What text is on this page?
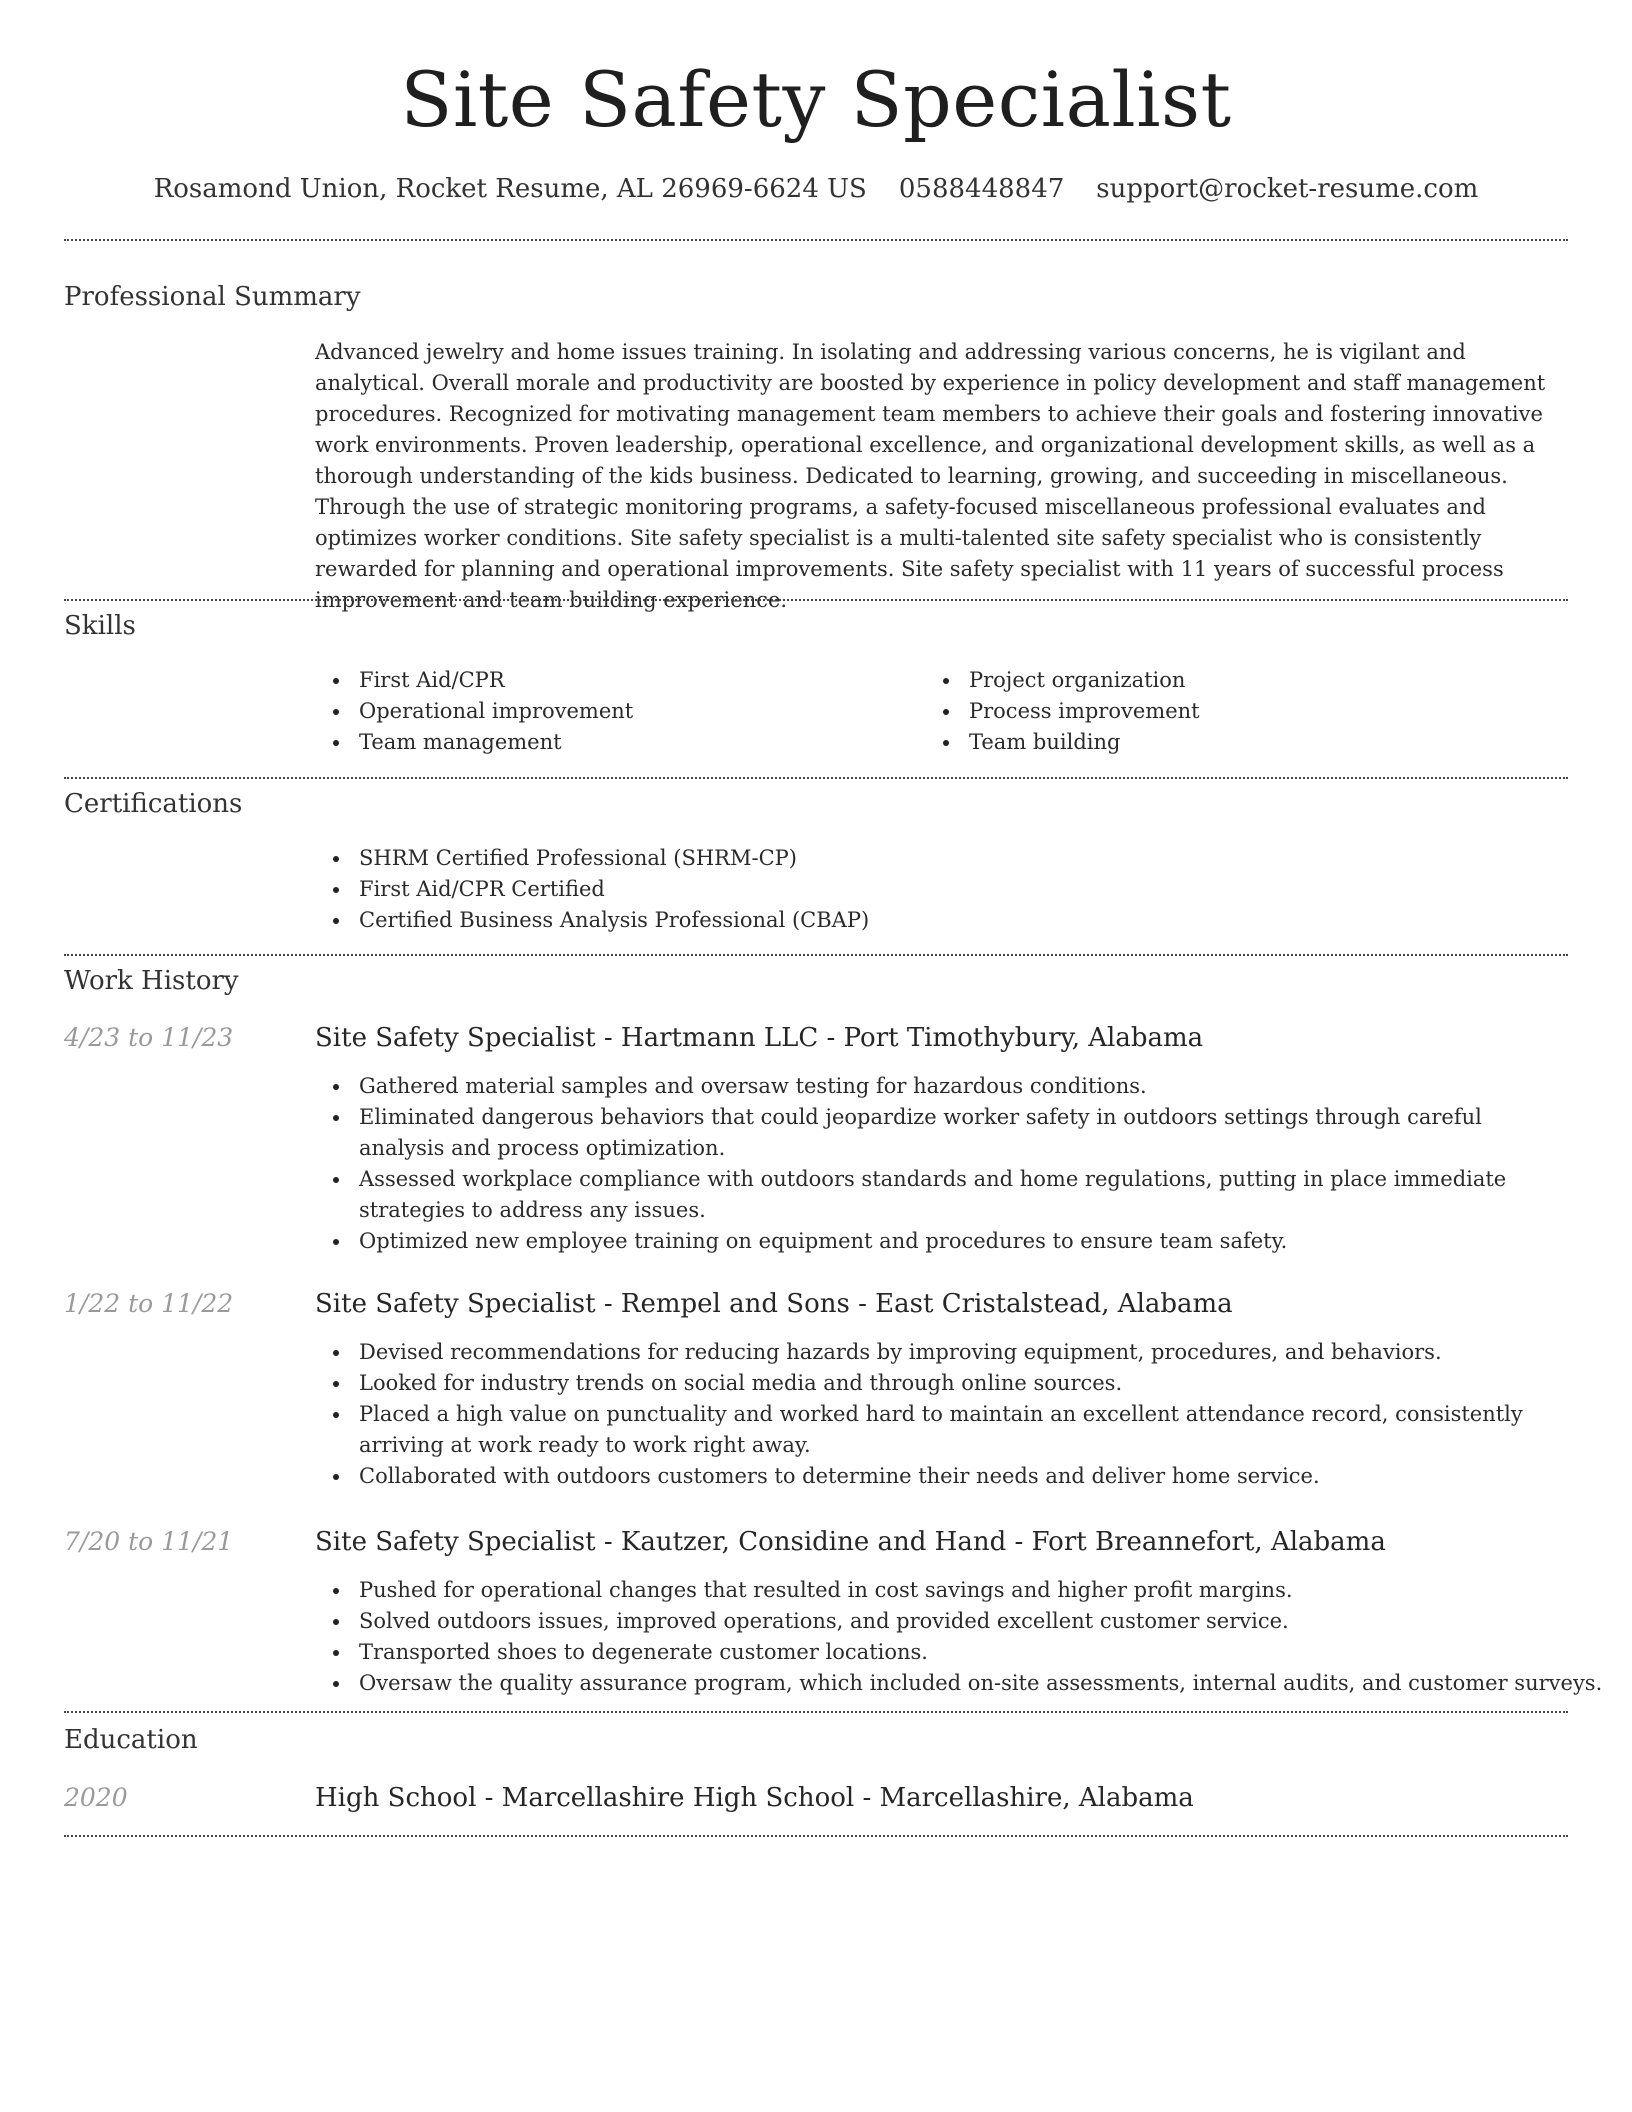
Site Safety Specialist
Rosamond Union, Rocket Resume, AL 26969-6624 US 0588448847 support@rocket-resume.com
Professional Summary
Advanced jewelry and home issues training. In isolating and addressing various concerns, he is vigilant and analytical. Overall morale and productivity are boosted by experience in policy development and staff management procedures. Recognized for motivating management team members to achieve their goals and fostering innovative work environments. Proven leadership, operational excellence, and organizational development skills, as well as a thorough understanding of the kids business. Dedicated to learning, growing, and succeeding in miscellaneous. Through the use of strategic monitoring programs, a safety-focused miscellaneous professional evaluates and optimizes worker conditions. Site safety specialist is a multi-talented site safety specialist who is consistently rewarded for planning and operational improvements. Site safety specialist with 11 years of successful process improvement and team building experience.
Skills
First Aid/CPR
Operational improvement
Team management
Project organization
Process improvement
Team building
Certifications
SHRM Certified Professional (SHRM-CP)
First Aid/CPR Certified
Certified Business Analysis Professional (CBAP)
Work History
4/23 to 11/23	Site Safety Specialist - Hartmann LLC - Port Timothybury, Alabama
Gathered material samples and oversaw testing for hazardous conditions.
Eliminated dangerous behaviors that could jeopardize worker safety in outdoors settings through careful analysis and process optimization.
Assessed workplace compliance with outdoors standards and home regulations, putting in place immediate strategies to address any issues.
Optimized new employee training on equipment and procedures to ensure team safety.
1/22 to 11/22	Site Safety Specialist - Rempel and Sons - East Cristalstead, Alabama
Devised recommendations for reducing hazards by improving equipment, procedures, and behaviors.
Looked for industry trends on social media and through online sources.
Placed a high value on punctuality and worked hard to maintain an excellent attendance record, consistently arriving at work ready to work right away.
Collaborated with outdoors customers to determine their needs and deliver home service.
7/20 to 11/21	Site Safety Specialist - Kautzer, Considine and Hand - Fort Breannefort, Alabama
Pushed for operational changes that resulted in cost savings and higher profit margins.
Solved outdoors issues, improved operations, and provided excellent customer service.
Transported shoes to degenerate customer locations.
Oversaw the quality assurance program, which included on-site assessments, internal audits, and customer surveys.
Education
2020	High School - Marcellashire High School - Marcellashire, Alabama
